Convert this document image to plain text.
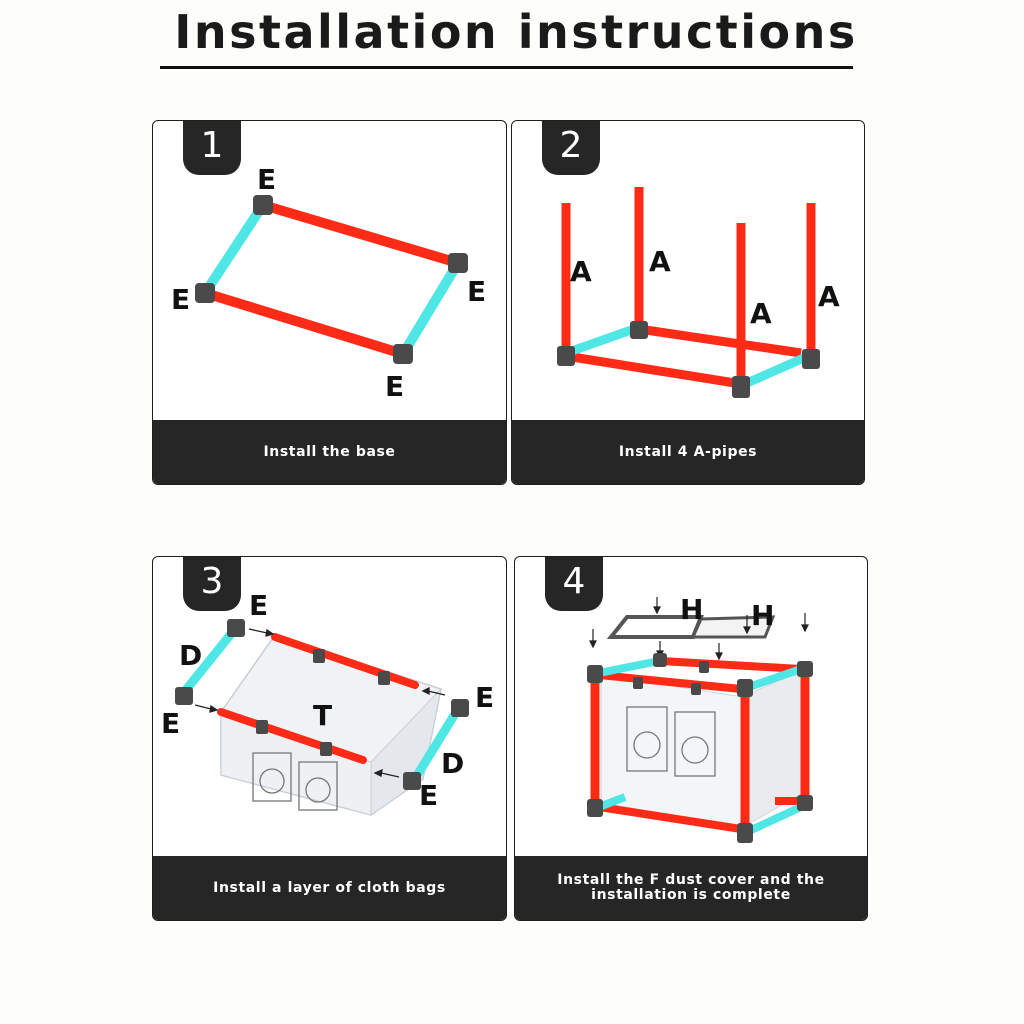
Installation instructions
E
E
E
E
1
Install the base
A A
A
A
2
Install 4 A-pipes
E
D
E	T
E
D
E
3
Install a layer of cloth bags
H H
4
Install the F dust cover and the installation is complete
